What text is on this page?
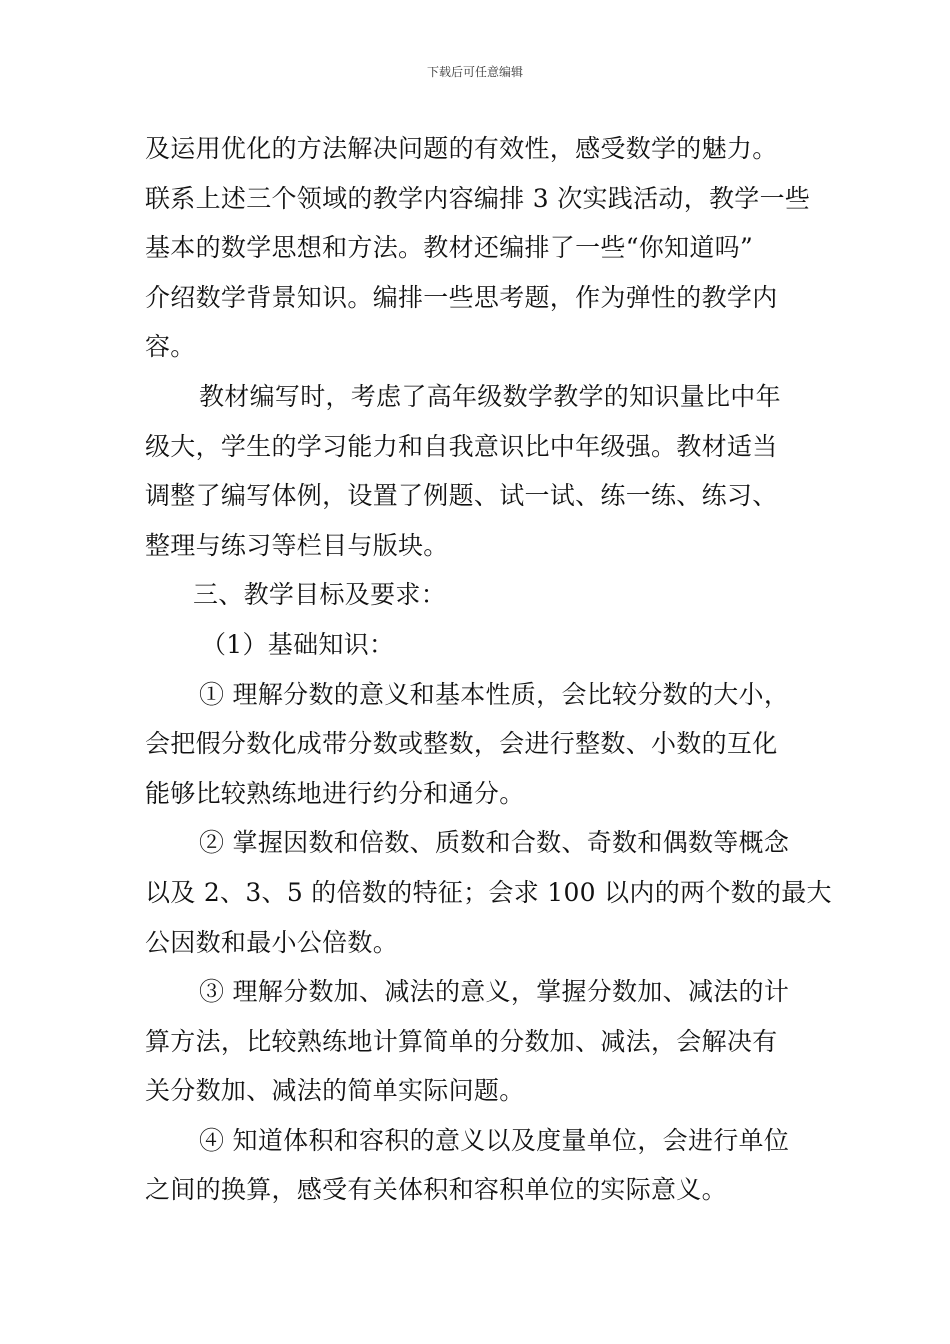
下载后可任意编辑
及运用优化的方法解决问题的有效性，感受数学的魅力。
联系上述三个领域的教学内容编排 3 次实践活动，教学一些
基本的数学思想和方法。教材还编排了一些“你知道吗”
介绍数学背景知识。编排一些思考题，作为弹性的教学内
容。
教材编写时，考虑了高年级数学教学的知识量比中年
级大，学生的学习能力和自我意识比中年级强。教材适当
调整了编写体例，设置了例题、试一试、练一练、练习、
整理与练习等栏目与版块。
三、教学目标及要求：
（1）基础知识：
① 理解分数的意义和基本性质，会比较分数的大小，
会把假分数化成带分数或整数，会进行整数、小数的互化
能够比较熟练地进行约分和通分。
② 掌握因数和倍数、质数和合数、奇数和偶数等概念
以及 2、3、5 的倍数的特征；会求 100 以内的两个数的最大
公因数和最小公倍数。
③ 理解分数加、减法的意义，掌握分数加、减法的计
算方法，比较熟练地计算简单的分数加、减法，会解决有
关分数加、减法的简单实际问题。
④ 知道体积和容积的意义以及度量单位，会进行单位
之间的换算，感受有关体积和容积单位的实际意义。
